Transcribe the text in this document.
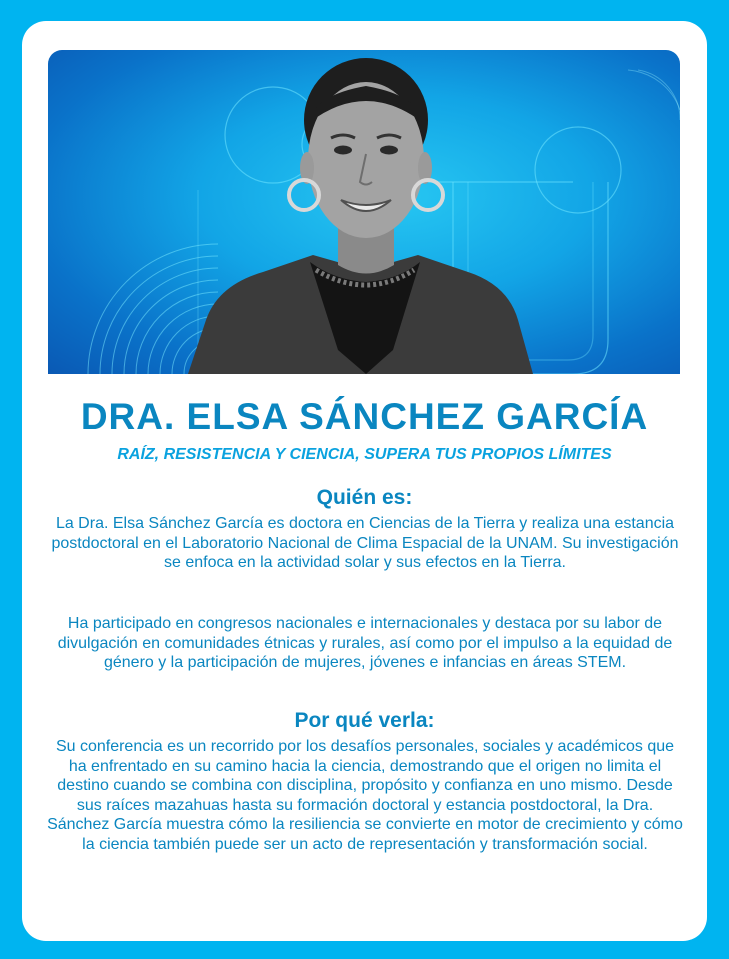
DRA. ELSA SÁNCHEZ GARCÍA

RAÍZ, RESISTENCIA Y CIENCIA, SUPERA TUS PROPIOS LÍMITES

Quién es:

La Dra. Elsa Sánchez García es doctora en Ciencias de la Tierra y realiza una estancia postdoctoral en el Laboratorio Nacional de Clima Espacial de la UNAM. Su investigación se enfoca en la actividad solar y sus efectos en la Tierra.

Ha participado en congresos nacionales e internacionales y destaca por su labor de divulgación en comunidades étnicas y rurales, así como por el impulso a la equidad de género y la participación de mujeres, jóvenes e infancias en áreas STEM.

Por qué verla:

Su conferencia es un recorrido por los desafíos personales, sociales y académicos que ha enfrentado en su camino hacia la ciencia, demostrando que el origen no limita el destino cuando se combina con disciplina, propósito y confianza en uno mismo. Desde sus raíces mazahuas hasta su formación doctoral y estancia postdoctoral, la Dra. Sánchez García muestra cómo la resiliencia se convierte en motor de crecimiento y cómo la ciencia también puede ser un acto de representación y transformación social.
